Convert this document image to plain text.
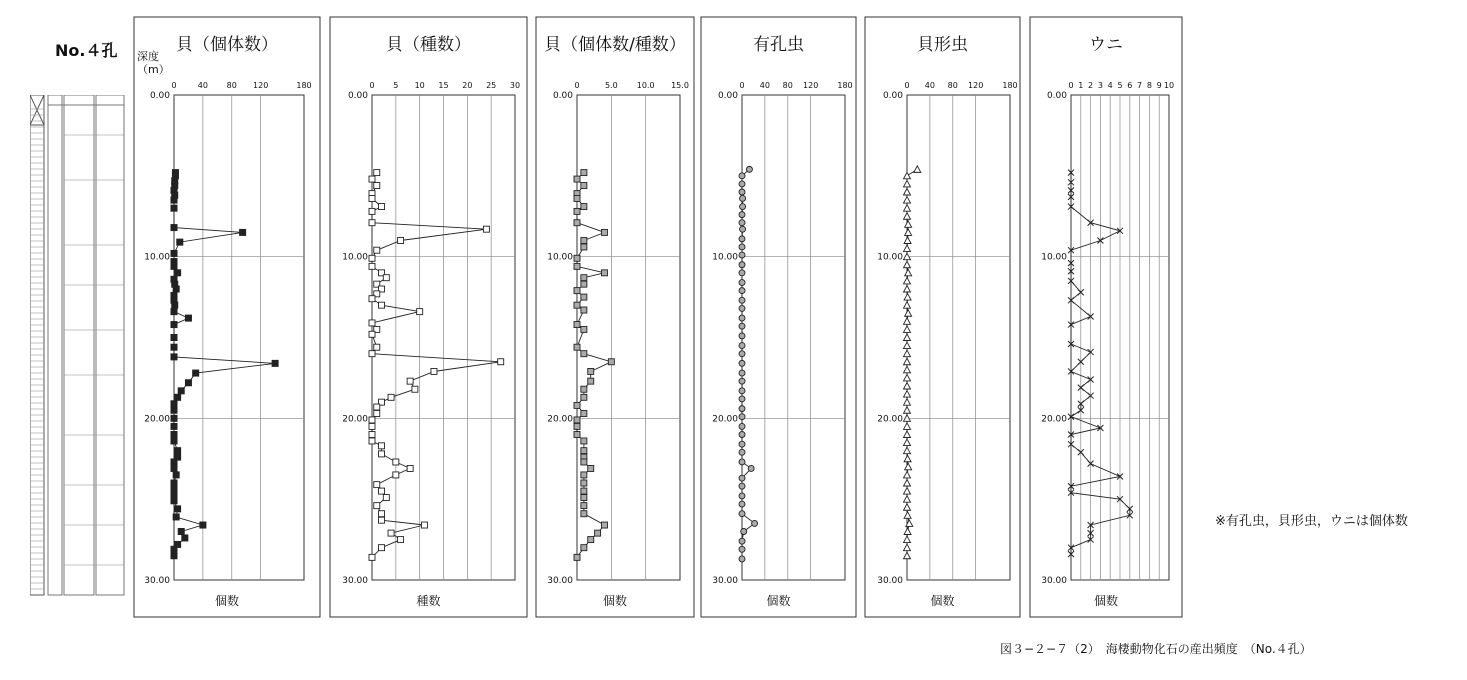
No.４孔 深度
（m）
貝（個体数）
個数
0	40 80 120	180
0.00
10.00
20.00
30.00
貝（種数）
種数
0 5 10 15 20 25 30
0.00
10.00
20.00
30.00
貝（個体数/種数）
個数
0	5.0 10.0 15.0
0.00
10.00
20.00
30.00
有孔虫
個数
0 40 80 120 180
0.00
10.00
20.00
30.00
貝形虫
個数
0 40 80 120 180
0.00
10.00
20.00
30.00
ウニ
個数
0 1 2 3 4 5 6 7 8 9 10
0.00
10.00
20.00
30.00
※有孔虫，貝形虫，ウニは個体数
図３−２−７（2）　海棲動物化石の産出頻度　（No.４孔）
